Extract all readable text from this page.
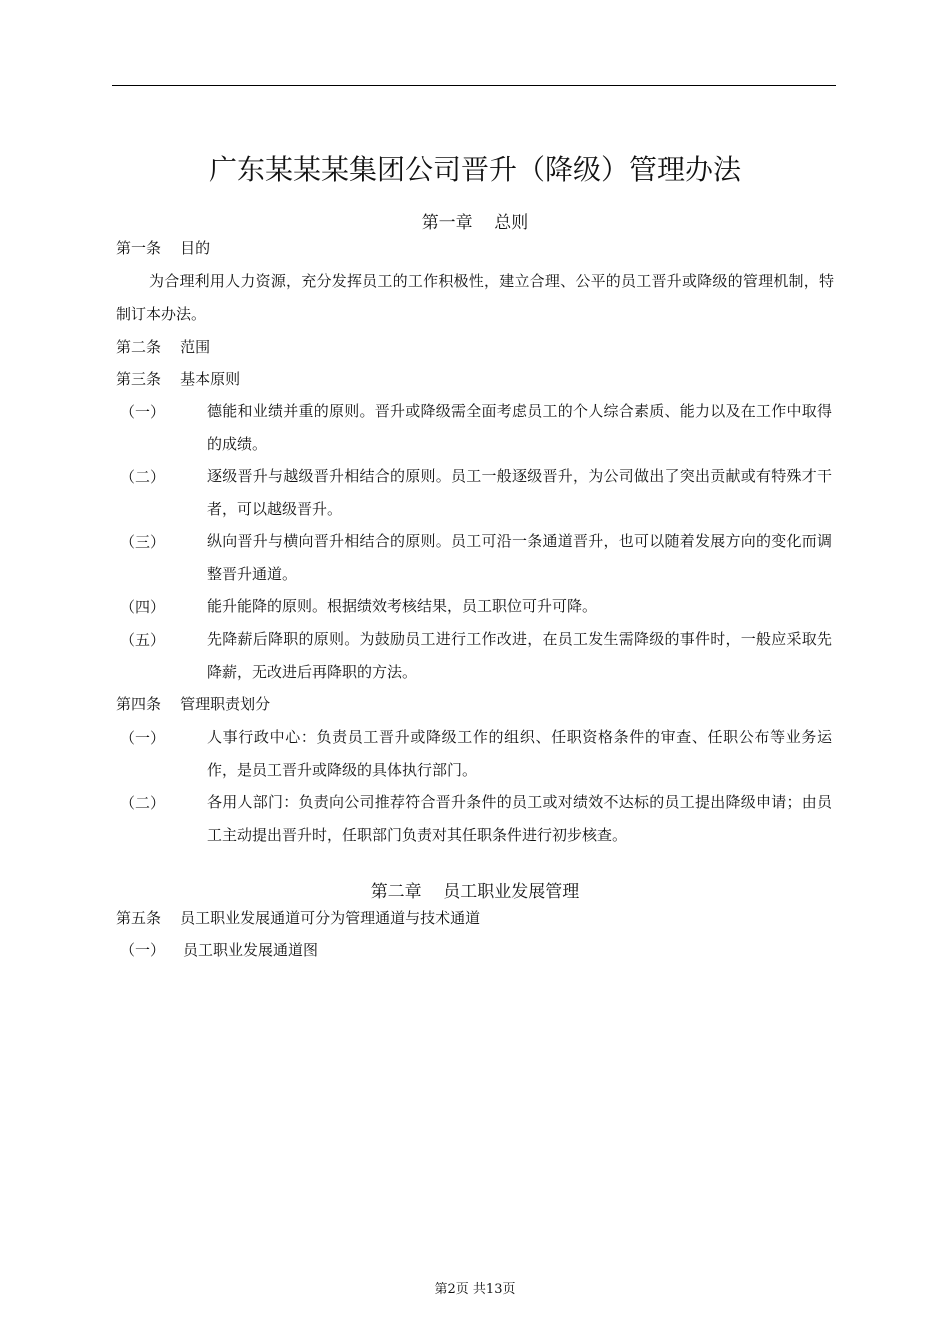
广东某某某集团公司晋升（降级）管理办法
第一章    总则
第一条    目的
为合理利用人力资源，充分发挥员工的工作积极性，建立合理、公平的员工晋升或降级的管理机制，特制订本办法。
第二条    范围
第三条    基本原则
（一）	德能和业绩并重的原则。晋升或降级需全面考虑员工的个人综合素质、能力以及在工作中取得的成绩。
（二）	逐级晋升与越级晋升相结合的原则。员工一般逐级晋升，为公司做出了突出贡献或有特殊才干者，可以越级晋升。
（三）	纵向晋升与横向晋升相结合的原则。员工可沿一条通道晋升，也可以随着发展方向的变化而调整晋升通道。
（四）	能升能降的原则。根据绩效考核结果，员工职位可升可降。
（五）	先降薪后降职的原则。为鼓励员工进行工作改进，在员工发生需降级的事件时，一般应采取先降薪，无改进后再降职的方法。
第四条    管理职责划分
（一）	人事行政中心：负责员工晋升或降级工作的组织、任职资格条件的审查、任职公布等业务运作，是员工晋升或降级的具体执行部门。
（二）	各用人部门：负责向公司推荐符合晋升条件的员工或对绩效不达标的员工提出降级申请；由员工主动提出晋升时，任职部门负责对其任职条件进行初步核查。
第二章    员工职业发展管理
第五条    员工职业发展通道可分为管理通道与技术通道
（一） 员工职业发展通道图
第2页 共13页
